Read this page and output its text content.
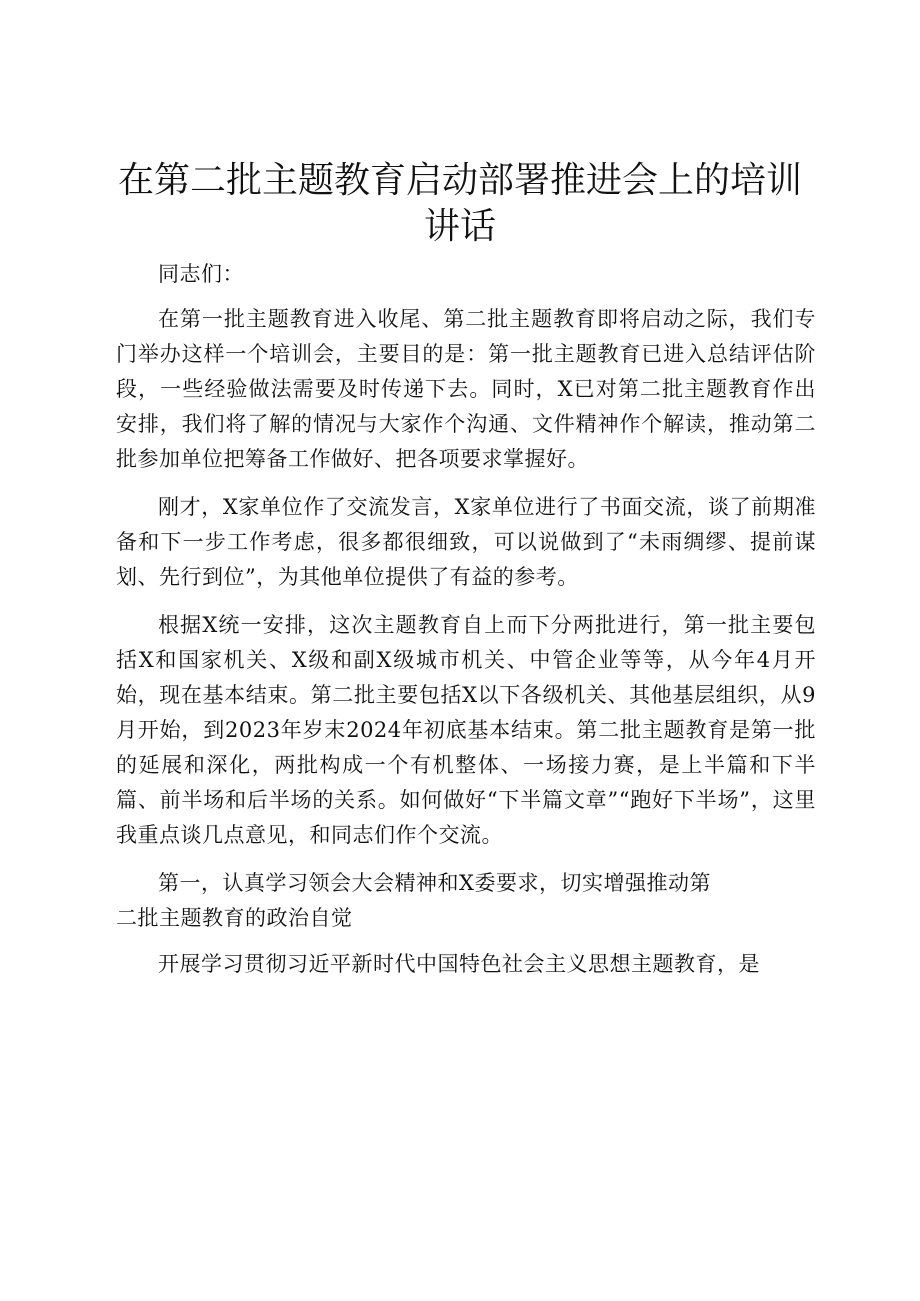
在第二批主题教育启动部署推进会上的培训讲话

同志们：

在第一批主题教育进入收尾、第二批主题教育即将启动之际，我们专门举办这样一个培训会，主要目的是：第一批主题教育已进入总结评估阶段，一些经验做法需要及时传递下去。同时，X已对第二批主题教育作出安排，我们将了解的情况与大家作个沟通、文件精神作个解读，推动第二批参加单位把筹备工作做好、把各项要求掌握好。

刚才，X家单位作了交流发言，X家单位进行了书面交流，谈了前期准备和下一步工作考虑，很多都很细致，可以说做到了“未雨绸缪、提前谋划、先行到位”，为其他单位提供了有益的参考。

根据X统一安排，这次主题教育自上而下分两批进行，第一批主要包括X和国家机关、X级和副X级城市机关、中管企业等等，从今年4月开始，现在基本结束。第二批主要包括X以下各级机关、其他基层组织，从9月开始，到2023年岁末2024年初底基本结束。第二批主题教育是第一批的延展和深化，两批构成一个有机整体、一场接力赛，是上半篇和下半篇、前半场和后半场的关系。如何做好“下半篇文章”“跑好下半场”，这里我重点谈几点意见，和同志们作个交流。

第一，认真学习领会大会精神和X委要求，切实增强推动第

二批主题教育的政治自觉

开展学习贯彻习近平新时代中国特色社会主义思想主题教育，是
